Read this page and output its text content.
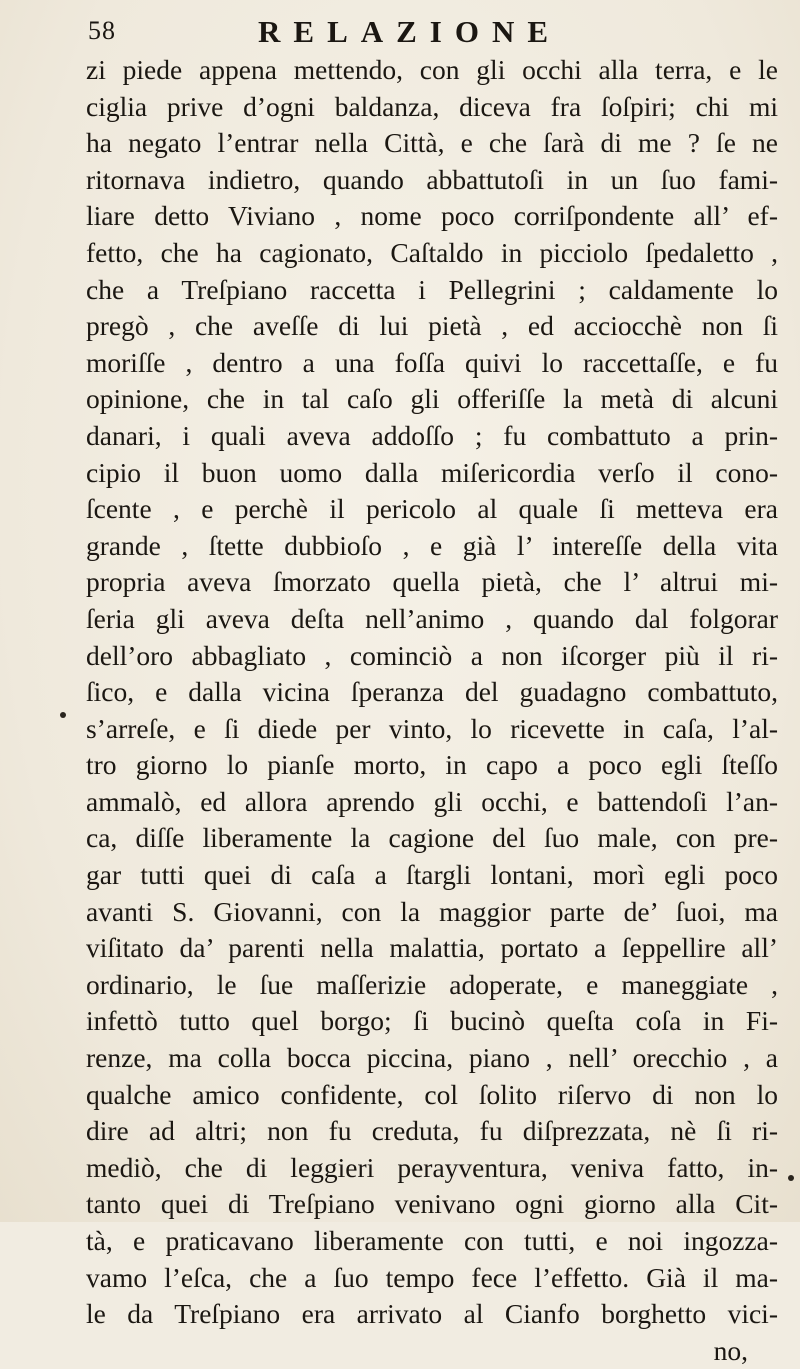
58	RELAZIONE
zi piede appena mettendo, con gli occhi alla terra, e le
ciglia prive d’ogni baldanza, diceva fra ſoſpiri; chi mi
ha negato l’entrar nella Città, e che ſarà di me ? ſe ne
ritornava indietro, quando abbattutoſi in un ſuo fami-
liare detto Viviano , nome poco corriſpondente all’ ef-
fetto, che ha cagionato, Caſtaldo in picciolo ſpedaletto ,
che a Treſpiano raccetta i Pellegrini ; caldamente lo
pregò , che aveſſe di lui pietà , ed acciocchè non ſi
moriſſe , dentro a una foſſa quivi lo raccettaſſe, e fu
opinione, che in tal caſo gli offeriſſe la metà di alcuni
danari, i quali aveva addoſſo ; fu combattuto a prin-
cipio il buon uomo dalla miſericordia verſo il cono-
ſcente , e perchè il pericolo al quale ſi metteva era
grande , ſtette dubbioſo , e già l’ intereſſe della vita
propria aveva ſmorzato quella pietà, che l’ altrui mi-
ſeria gli aveva deſta nell’animo , quando dal folgorar
dell’oro abbagliato , cominciò a non iſcorger più il ri-
ſico, e dalla vicina ſperanza del guadagno combattuto,
s’arreſe, e ſi diede per vinto, lo ricevette in caſa, l’al-
tro giorno lo pianſe morto, in capo a poco egli ſteſſo
ammalò, ed allora aprendo gli occhi, e battendoſi l’an-
ca, diſſe liberamente la cagione del ſuo male, con pre-
gar tutti quei di caſa a ſtargli lontani, morì egli poco
avanti S. Giovanni, con la maggior parte de’ ſuoi, ma
viſitato da’ parenti nella malattia, portato a ſeppellire all’
ordinario, le ſue maſſerizie adoperate, e maneggiate ,
infettò tutto quel borgo; ſi bucinò queſta coſa in Fi-
renze, ma colla bocca piccina, piano , nell’ orecchio , a
qualche amico confidente, col ſolito riſervo di non lo
dire ad altri; non fu creduta, fu diſprezzata, nè ſi ri-
mediò, che di leggieri perayventura, veniva fatto, in-
tanto quei di Treſpiano venivano ogni giorno alla Cit-
tà, e praticavano liberamente con tutti, e noi ingozza-
vamo l’eſca, che a ſuo tempo fece l’effetto. Già il ma-
le da Treſpiano era arrivato al Cianfo borghetto vici-
no,
